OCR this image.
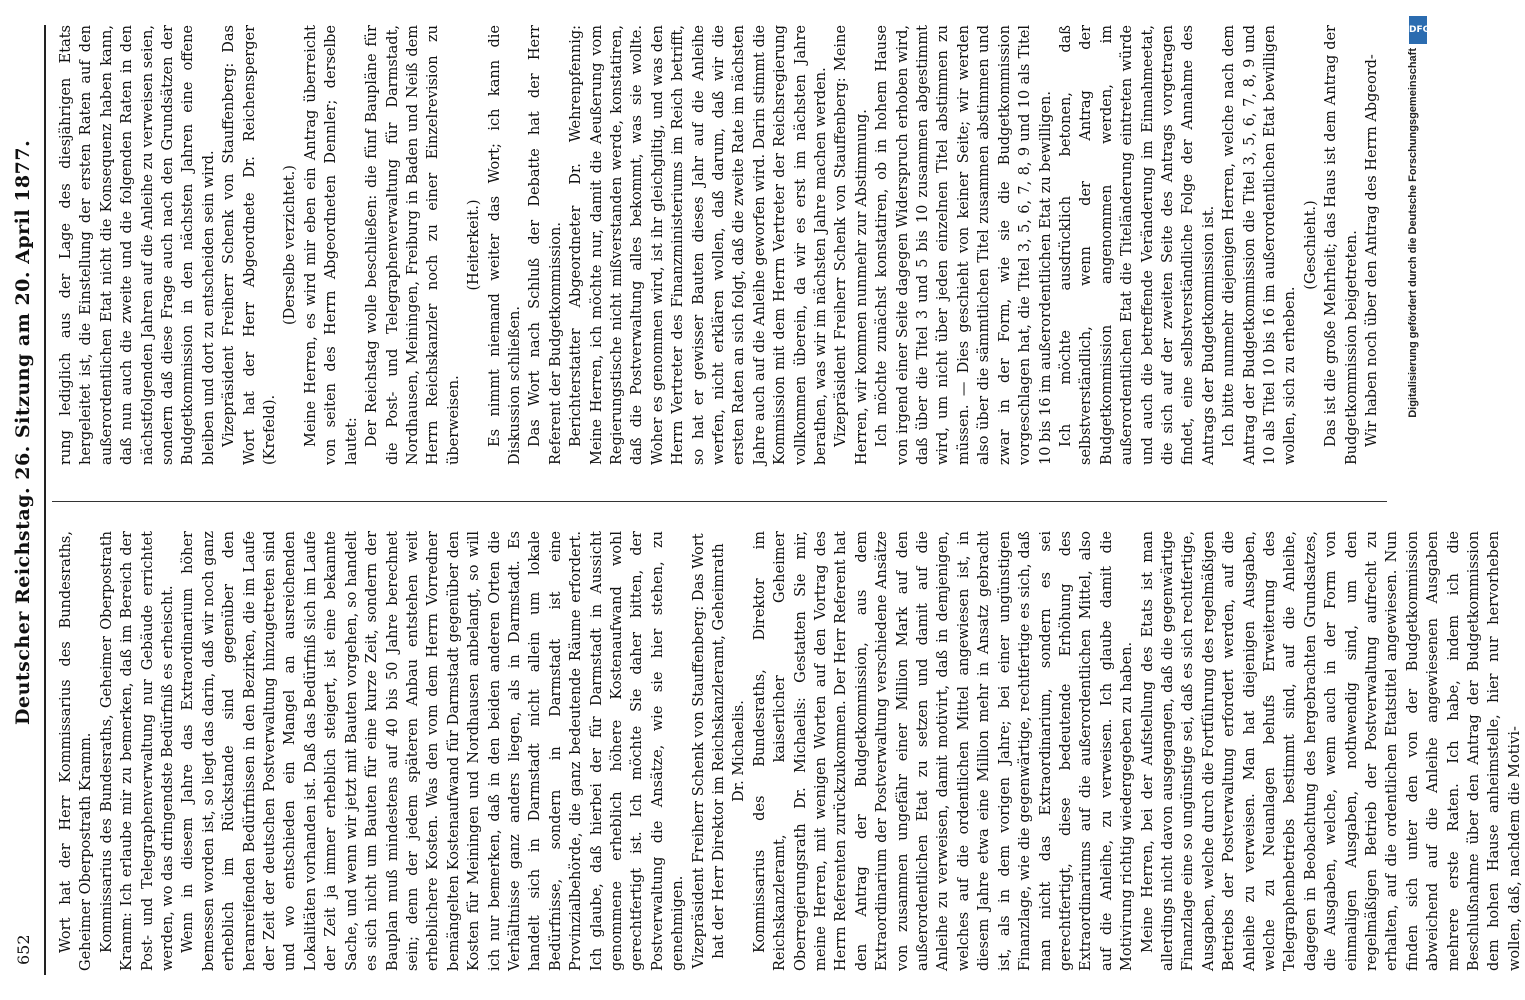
652
Deutscher Reichstag. 26. Sitzung am 20. April 1877.

Wort hat der Herr Kommissarius des Bundesraths, Geheimer Oberpostrath Kramm. Kommissarius des Bundesraths, Geheimer Oberpostrath Kramm: Ich erlaube mir zu bemerken, daß im Bereich der Post- und Telegraphenverwaltung nur Gebäude errichtet werden, wo das dringendste Bedürfniß es erheischt. Wenn in diesem Jahre das Extraordinarium höher bemessen worden ist, so liegt das darin, daß wir noch ganz erheblich im Rückstande sind gegenüber den heranreifenden Bedürfnissen in den Bezirken, die im Laufe der Zeit der deutschen Postverwaltung hinzugetreten sind und wo entschieden ein Mangel an ausreichenden Lokalitäten vorhanden ist. Daß das Bedürfniß sich im Laufe der Zeit ja immer erheblich steigert, ist eine bekannte Sache, und wenn wir jetzt mit Bauten vorgehen, so handelt es sich nicht um Bauten für eine kurze Zeit, sondern der Bauplan muß mindestens auf 40 bis 50 Jahre berechnet sein; denn der jedem späteren Anbau entstehen weit erheblichere Kosten. Was den vom dem Herrn Vorredner bemängelten Kostenaufwand für Darmstadt gegenüber den Kosten für Meiningen und Nordhausen anbelangt, so will ich nur bemerken, daß in den beiden anderen Orten die Verhältnisse ganz anders liegen, als in Darmstadt. Es handelt sich in Darmstadt nicht allein um lokale Bedürfnisse, sondern in Darmstadt ist eine Provinzialbehörde, die ganz bedeutende Räume erfordert. Ich glaube, daß hierbei der für Darmstadt in Aussicht genommene erheblich höhere Kostenaufwand wohl gerechtfertigt ist. Ich möchte Sie daher bitten, der Postverwaltung die Ansätze, wie sie hier stehen, zu genehmigen. Vizepräsident Freiherr Schenk von Stauffenberg: Das Wort hat der Herr Direktor im Reichskanzleramt, Geheimrath Dr. Michaelis. Kommissarius des Bundesraths, Direktor im Reichskanzleramt, kaiserlicher Geheimer Oberregierungsrath Dr. Michaelis: Gestatten Sie mir, meine Herren, mit wenigen Worten auf den Vortrag des Herrn Referenten zurückzukommen. Der Herr Referent hat den Antrag der Budgetkommission, aus dem Extraordinarium der Postverwaltung verschiedene Ansätze von zusammen ungefähr einer Million Mark auf den außerordentlichen Etat zu setzen und damit auf die Anleihe zu verweisen, damit motivirt, daß in demjenigen, welches auf die ordentlichen Mittel angewiesen ist, in diesem Jahre etwa eine Million mehr in Ansatz gebracht ist, als in dem vorigen Jahre; bei einer ungünstigen Finanzlage, wie die gegenwärtige, rechtfertige es sich, daß man nicht das Extraordinarium, sondern es sei gerechtfertigt, diese bedeutende Erhöhung des Extraordinariums auf die außerordentlichen Mittel, also auf die Anleihe, zu verweisen. Ich glaube damit die Motivirung richtig wiedergegeben zu haben. Meine Herren, bei der Aufstellung des Etats ist man allerdings nicht davon ausgegangen, daß die gegenwärtige Finanzlage eine so ungünstige sei, daß es sich rechtfertige, Ausgaben, welche durch die Fortführung des regelmäßigen Betriebs der Postverwaltung erfordert werden, auf die Anleihe zu verweisen. Man hat diejenigen Ausgaben, welche zu Neuanlagen behufs Erweiterung des Telegraphenbetriebs bestimmt sind, auf die Anleihe, dagegen in Beobachtung des hergebrachten Grundsatzes, die Ausgaben, welche, wenn auch in der Form von einmaligen Ausgaben, nothwendig sind, um den regelmäßigen Betrieb der Postverwaltung aufrecht zu erhalten, auf die ordentlichen Etatstitel angewiesen. Nun finden sich unter den von der Budgetkommission abweichend auf die Anleihe angewiesenen Ausgaben mehrere erste Raten. Ich habe, indem ich die Beschlußnahme über den Antrag der Budgetkommission dem hohen Hause anheimstelle, hier nur hervorheben wollen, daß, nachdem die Motivi-

rung lediglich aus der Lage des diesjährigen Etats hergeleitet ist, die Einstellung der ersten Raten auf den außerordentlichen Etat nicht die Konsequenz haben kann, daß nun auch die zweite und die folgenden Raten in den nächstfolgenden Jahren auf die Anleihe zu verweisen seien, sondern daß diese Frage auch nach den Grundsätzen der Budgetkommission in den nächsten Jahren eine offene bleiben und dort zu entscheiden sein wird. Vizepräsident Freiherr Schenk von Stauffenberg: Das Wort hat der Herr Abgeordnete Dr. Reichensperger (Krefeld).

(Derselbe verzichtet.) Meine Herren, es wird mir eben ein Antrag überreicht von seiten des Herrn Abgeordneten Dennler; derselbe lautet: Der Reichstag wolle beschließen: die fünf Baupläne für die Post- und Telegraphenverwaltung für Darmstadt, Nordhausen, Meiningen, Freiburg in Baden und Neiß dem Herrn Reichskanzler noch zu einer Einzelrevision zu überweisen.

(Heiterkeit.) Es nimmt niemand weiter das Wort; ich kann die Diskussion schließen. Das Wort nach Schluß der Debatte hat der Herr Referent der Budgetkommission. Berichterstatter Abgeordneter Dr. Wehrenpfennig: Meine Herren, ich möchte nur, damit die Aeußerung vom Regierungstische nicht mißverstanden werde, konstatiren, daß die Postverwaltung alles bekommt, was sie wollte. Woher es genommen wird, ist ihr gleichgiltig, und was den Herrn Vertreter des Finanzministeriums im Reich betrifft, so hat er gewisser Bauten dieses Jahr auf die Anleihe werfen, nicht erklären wollen, daß darum, daß wir die ersten Raten an sich folgt, daß die zweite Rate im nächsten Jahre auch auf die Anleihe geworfen wird. Darin stimmt die Kommission mit dem Herrn Vertreter der Reichsregierung vollkommen überein, da wir es erst im nächsten Jahre berathen, was wir im nächsten Jahre machen werden. Vizepräsident Freiherr Schenk von Stauffenberg: Meine Herren, wir kommen nunmehr zur Abstimmung. Ich möchte zunächst konstatiren, ob in hohem Hause von irgend einer Seite dagegen Widerspruch erhoben wird, daß über die Titel 3 und 5 bis 10 zusammen abgestimmt wird, um nicht über jeden einzelnen Titel abstimmen zu müssen. — Dies geschieht von keiner Seite; wir werden also über die sämmtlichen Titel zusammen abstimmen und zwar in der Form, wie sie die Budgetkommission vorgeschlagen hat, die Titel 3, 5, 6, 7, 8, 9 und 10 als Titel 10 bis 16 im außerordentlichen Etat zu bewilligen. Ich möchte ausdrücklich betonen, daß selbstverständlich, wenn der Antrag der Budgetkommission angenommen werden, im außerordentlichen Etat die Titeländerung eintreten würde und auch die betreffende Veränderung im Einnahmeetat, die sich auf der zweiten Seite des Antrags vorgetragen findet, eine selbstverständliche Folge der Annahme des Antrags der Budgetkommission ist. Ich bitte nunmehr diejenigen Herren, welche nach dem Antrag der Budgetkommission die Titel 3, 5, 6, 7, 8, 9 und 10 als Titel 10 bis 16 im außerordentlichen Etat bewilligen wollen, sich zu erheben.

(Geschieht.) Das ist die große Mehrheit; das Haus ist dem Antrag der Budgetkommission beigetreten. Wir haben noch über den Antrag des Herrn Abgeord-

DFG
Digitalisierung gefördert durch die Deutsche Forschungsgemeinschaft
